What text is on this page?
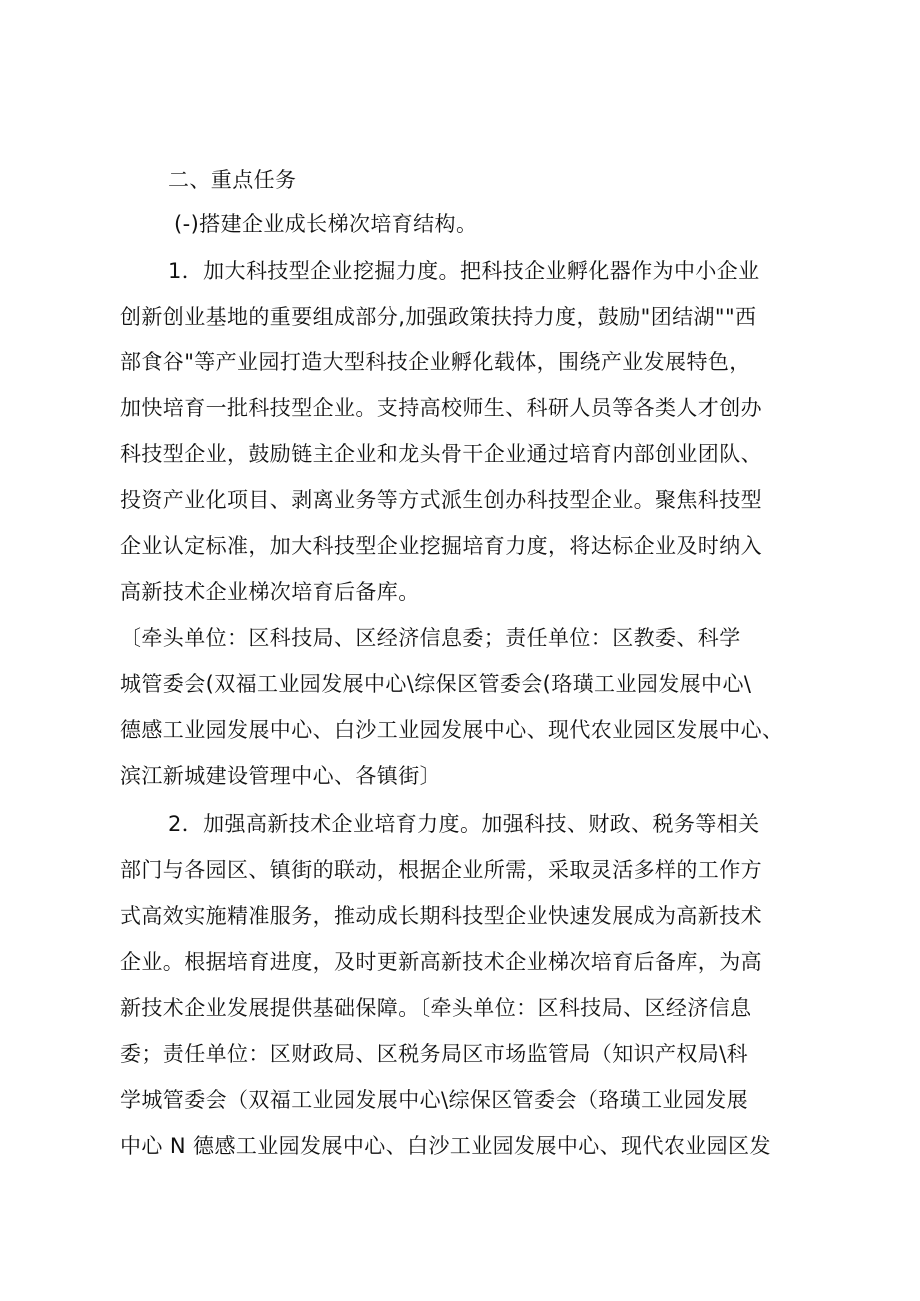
二、重点任务
(-)搭建企业成长梯次培育结构。
1．加大科技型企业挖掘力度。把科技企业孵化器作为中小企业
创新创业基地的重要组成部分,加强政策扶持力度，鼓励"团结湖""西
部食谷"等产业园打造大型科技企业孵化载体，围绕产业发展特色，
加快培育一批科技型企业。支持高校师生、科研人员等各类人才创办
科技型企业，鼓励链主企业和龙头骨干企业通过培育内部创业团队、
投资产业化项目、剥离业务等方式派生创办科技型企业。聚焦科技型
企业认定标准，加大科技型企业挖掘培育力度，将达标企业及时纳入
高新技术企业梯次培育后备库。
〔牵头单位：区科技局、区经济信息委；责任单位：区教委、科学
城管委会(双福工业园发展中心\综保区管委会(珞璜工业园发展中心\
德感工业园发展中心、白沙工业园发展中心、现代农业园区发展中心、
滨江新城建设管理中心、各镇街〕
2．加强高新技术企业培育力度。加强科技、财政、税务等相关
部门与各园区、镇街的联动，根据企业所需，采取灵活多样的工作方
式高效实施精准服务，推动成长期科技型企业快速发展成为高新技术
企业。根据培育进度，及时更新高新技术企业梯次培育后备库，为高
新技术企业发展提供基础保障。〔牵头单位：区科技局、区经济信息
委；责任单位：区财政局、区税务局区市场监管局（知识产权局\科
学城管委会（双福工业园发展中心\综保区管委会（珞璜工业园发展
中心 N 德感工业园发展中心、白沙工业园发展中心、现代农业园区发
